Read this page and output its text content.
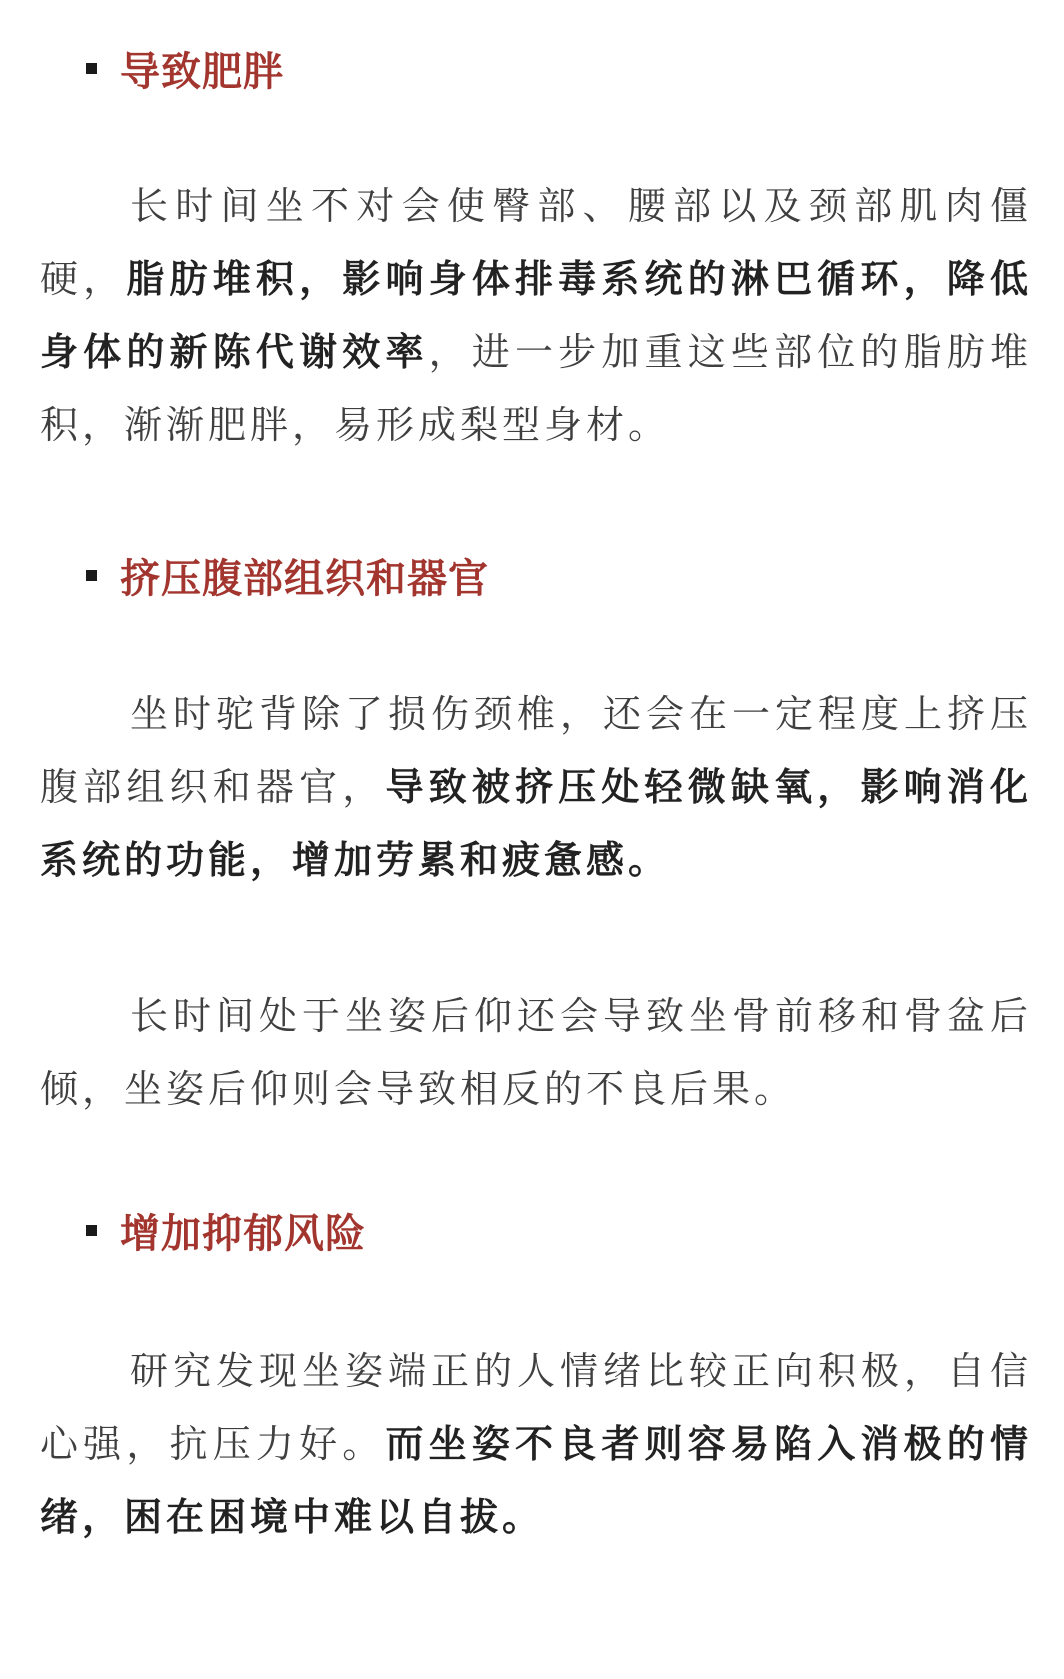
导致肥胖

长时间坐不对会使臀部、腰部以及颈部肌肉僵硬，脂肪堆积，影响身体排毒系统的淋巴循环，降低身体的新陈代谢效率，进一步加重这些部位的脂肪堆积，渐渐肥胖，易形成梨型身材。

挤压腹部组织和器官

坐时驼背除了损伤颈椎，还会在一定程度上挤压腹部组织和器官，导致被挤压处轻微缺氧，影响消化系统的功能，增加劳累和疲惫感。

长时间处于坐姿后仰还会导致坐骨前移和骨盆后倾，坐姿后仰则会导致相反的不良后果。

增加抑郁风险

研究发现坐姿端正的人情绪比较正向积极，自信心强，抗压力好。而坐姿不良者则容易陷入消极的情绪，困在困境中难以自拔。
